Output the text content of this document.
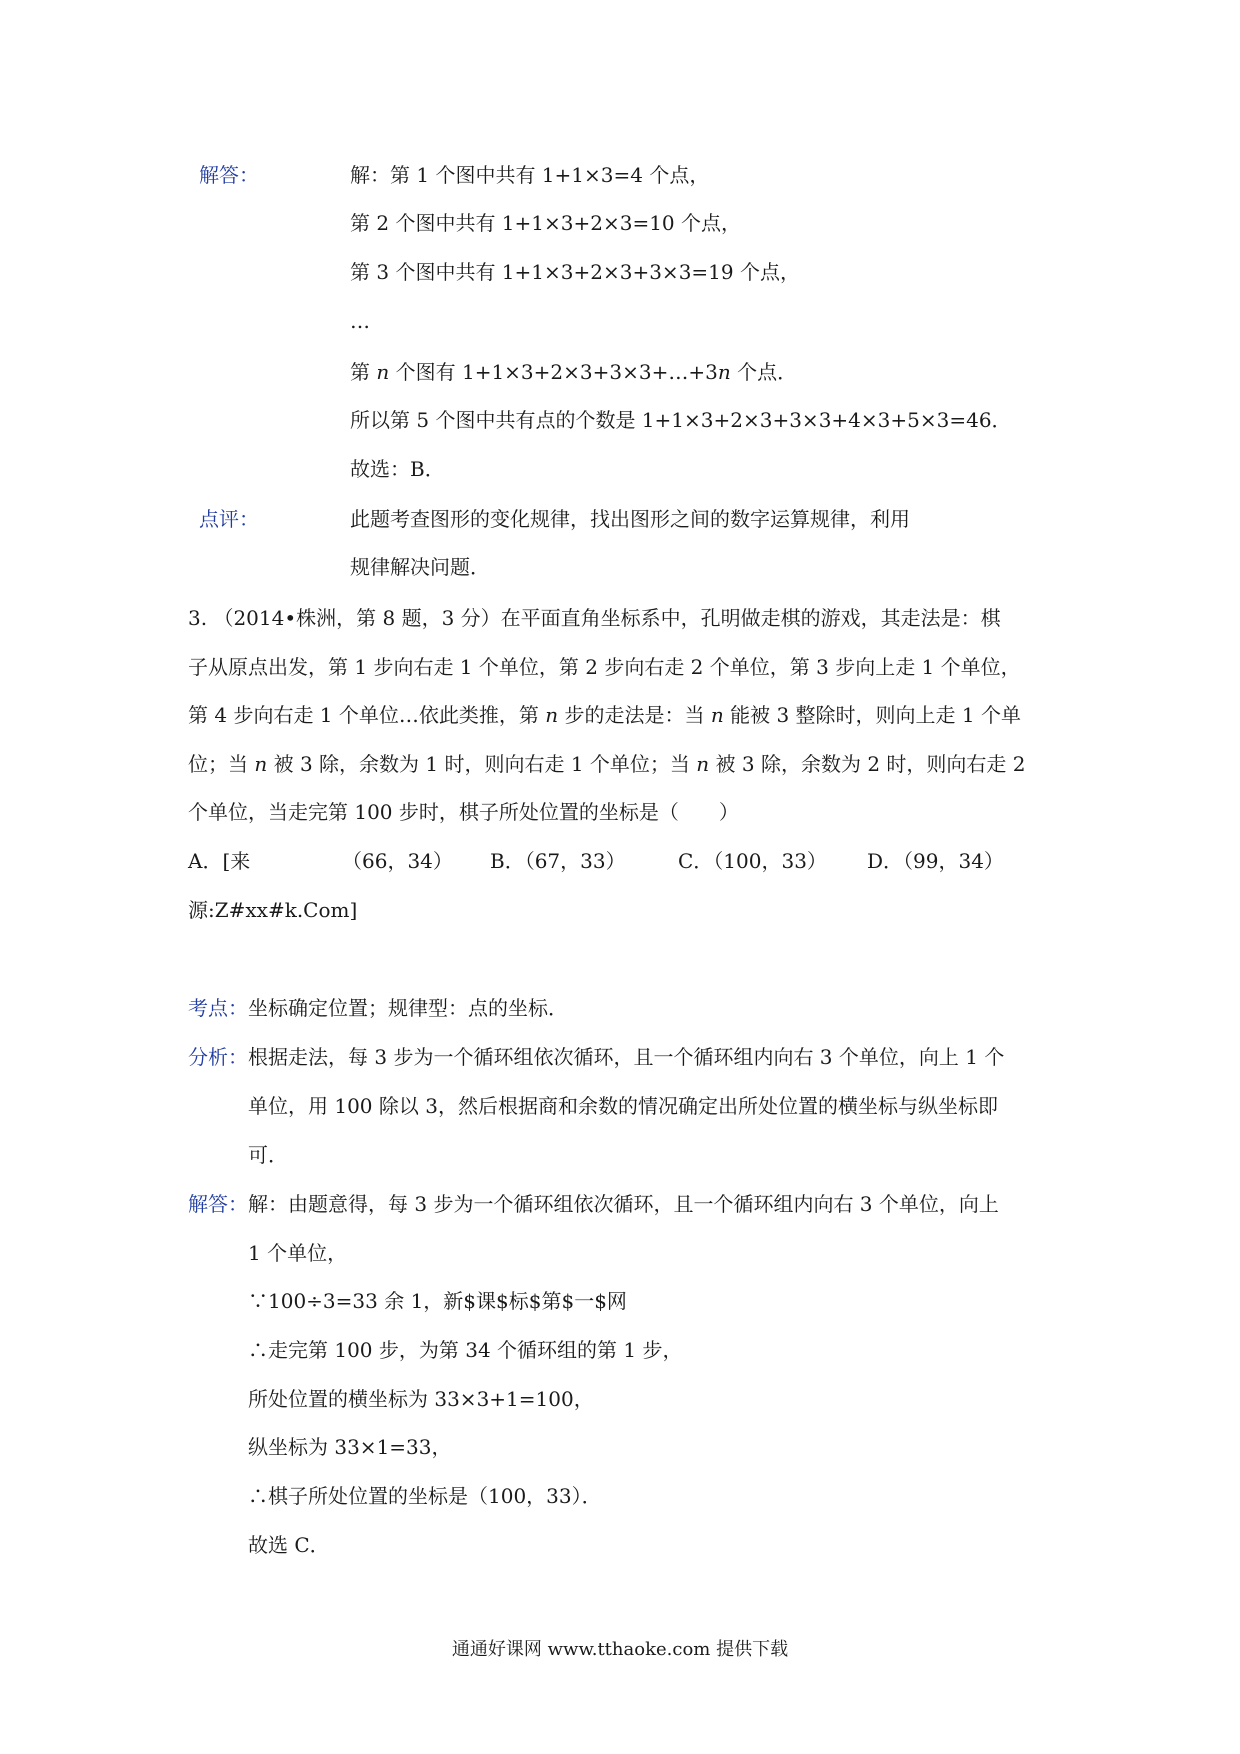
解答：	解：第 1 个图中共有 1+1×3=4 个点，
第 2 个图中共有 1+1×3+2×3=10 个点，
第 3 个图中共有 1+1×3+2×3+3×3=19 个点，
…
第 n 个图有 1+1×3+2×3+3×3+…+3n 个点．
所以第 5 个图中共有点的个数是 1+1×3+2×3+3×3+4×3+5×3=46．
故选：B．
点评：	此题考查图形的变化规律，找出图形之间的数字运算规律，利用
规律解决问题．
3. （2014•株洲，第 8 题，3 分）在平面直角坐标系中，孔明做走棋的游戏，其走法是：棋
子从原点出发，第 1 步向右走 1 个单位，第 2 步向右走 2 个单位，第 3 步向上走 1 个单位，
第 4 步向右走 1 个单位…依此类推，第 n 步的走法是：当 n 能被 3 整除时，则向上走 1 个单
位；当 n 被 3 除，余数为 1 时，则向右走 1 个单位；当 n 被 3 除，余数为 2 时，则向右走 2
个单位，当走完第 100 步时，棋子所处位置的坐标是（　　）
A．[来	（66，34） B．（67，33）	C．（100，33） D．（99，34）
源:Z#xx#k.Com]
考点： 坐标确定位置；规律型：点的坐标．
分析： 根据走法，每 3 步为一个循环组依次循环，且一个循环组内向右 3 个单位，向上 1 个
单位，用 100 除以 3，然后根据商和余数的情况确定出所处位置的横坐标与纵坐标即
可．
解答： 解：由题意得，每 3 步为一个循环组依次循环，且一个循环组内向右 3 个单位，向上
1 个单位，
∵100÷3=33 余 1，新$课$标$第$一$网
∴走完第 100 步，为第 34 个循环组的第 1 步，
所处位置的横坐标为 33×3+1=100，
纵坐标为 33×1=33，
∴棋子所处位置的坐标是（100，33）．
故选 C．
通通好课网 www.tthaoke.com 提供下载
